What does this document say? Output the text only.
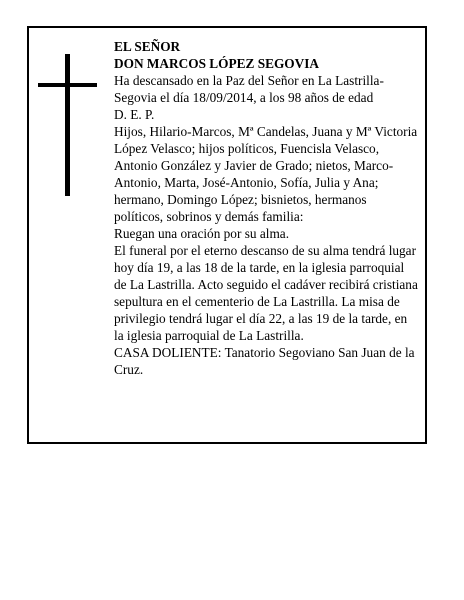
EL SEÑOR

DON MARCOS LÓPEZ SEGOVIA

Ha descansado en la Paz del Señor en La Lastrilla-Segovia el día 18/09/2014, a los 98 años de edad

D. E. P.

Hijos, Hilario-Marcos, Mª Candelas, Juana y Mª Victoria López Velasco; hijos políticos, Fuencisla Velasco, Antonio González y Javier de Grado; nietos, Marco-Antonio, Marta, José-Antonio, Sofía, Julia y Ana; hermano, Domingo López; bisnietos, hermanos políticos, sobrinos y demás familia:

Ruegan una oración por su alma.

El funeral por el eterno descanso de su alma tendrá lugar hoy día 19, a las 18 de la tarde, en la iglesia parroquial de La Lastrilla. Acto seguido el cadáver recibirá cristiana sepultura en el cementerio de La Lastrilla. La misa de privilegio tendrá lugar el día 22, a las 19 de la tarde, en la iglesia parroquial de La Lastrilla.

CASA DOLIENTE: Tanatorio Segoviano San Juan de la Cruz.
